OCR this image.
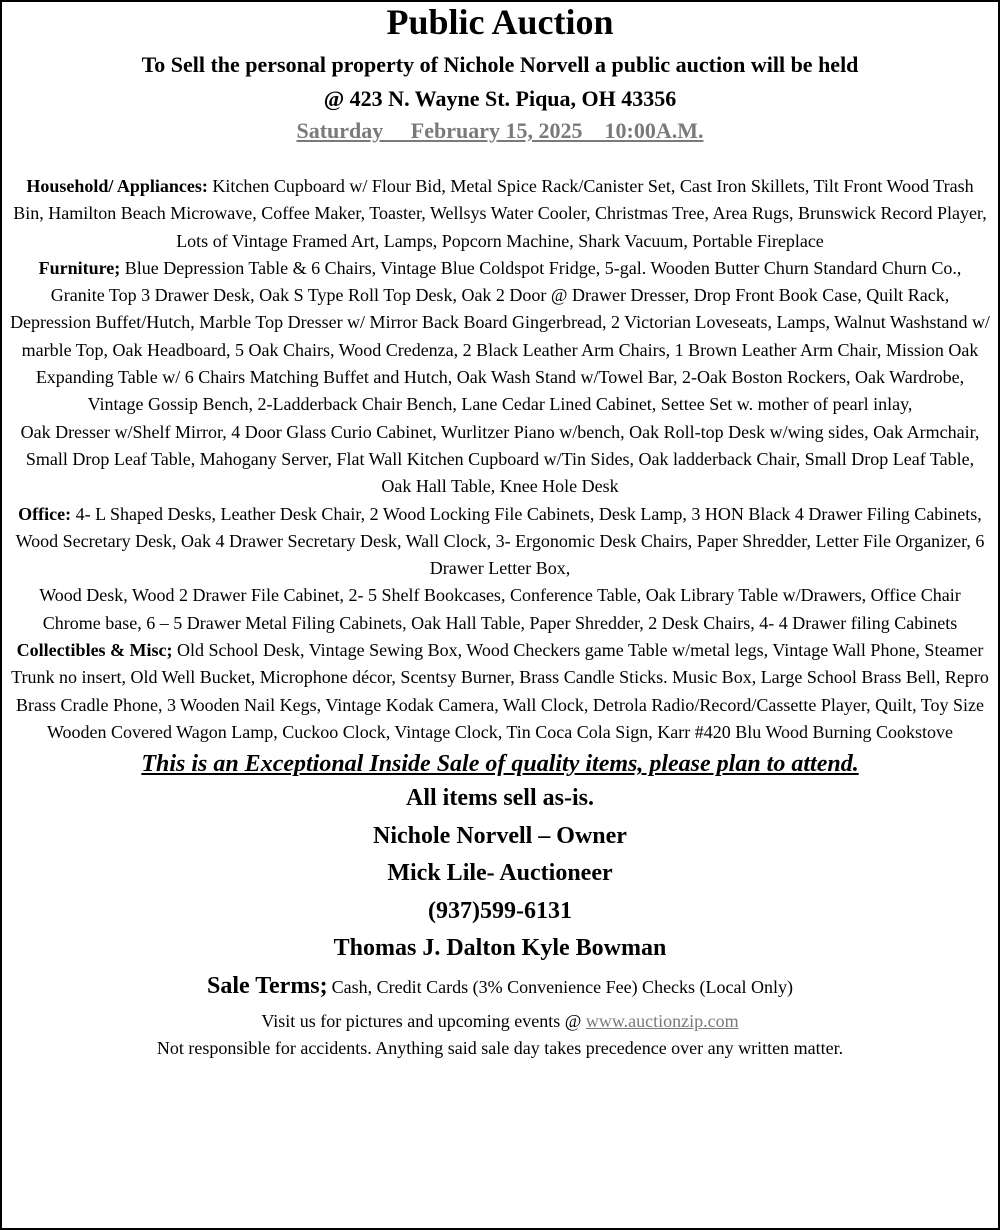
Public Auction
To Sell the personal property of Nichole Norvell a public auction will be held
@ 423 N. Wayne St. Piqua, OH 43356
Saturday     February 15, 2025    10:00A.M.

Household/ Appliances: Kitchen Cupboard w/ Flour Bid, Metal Spice Rack/Canister Set, Cast Iron Skillets, Tilt Front Wood Trash Bin, Hamilton Beach Microwave, Coffee Maker, Toaster, Wellsys Water Cooler, Christmas Tree, Area Rugs, Brunswick Record Player, Lots of Vintage Framed Art, Lamps, Popcorn Machine, Shark Vacuum, Portable Fireplace

Furniture; Blue Depression Table & 6 Chairs, Vintage Blue Coldspot Fridge, 5-gal. Wooden Butter Churn Standard Churn Co., Granite Top 3 Drawer Desk, Oak S Type Roll Top Desk, Oak 2 Door @ Drawer Dresser, Drop Front Book Case, Quilt Rack, Depression Buffet/Hutch, Marble Top Dresser w/ Mirror Back Board Gingerbread, 2 Victorian Loveseats, Lamps, Walnut Washstand w/ marble Top, Oak Headboard, 5 Oak Chairs, Wood Credenza, 2 Black Leather Arm Chairs, 1 Brown Leather Arm Chair, Mission Oak Expanding Table w/ 6 Chairs Matching Buffet and Hutch, Oak Wash Stand w/Towel Bar, 2-Oak Boston Rockers, Oak Wardrobe, Vintage Gossip Bench, 2-Ladderback Chair Bench, Lane Cedar Lined Cabinet, Settee Set w. mother of pearl inlay,

Oak Dresser w/Shelf Mirror, 4 Door Glass Curio Cabinet, Wurlitzer Piano w/bench, Oak Roll-top Desk w/wing sides, Oak Armchair, Small Drop Leaf Table, Mahogany Server, Flat Wall Kitchen Cupboard w/Tin Sides, Oak ladderback Chair, Small Drop Leaf Table, Oak Hall Table, Knee Hole Desk

Office: 4- L Shaped Desks, Leather Desk Chair, 2 Wood Locking File Cabinets, Desk Lamp, 3 HON Black 4 Drawer Filing Cabinets, Wood Secretary Desk, Oak 4 Drawer Secretary Desk, Wall Clock, 3- Ergonomic Desk Chairs, Paper Shredder, Letter File Organizer, 6 Drawer Letter Box,

Wood Desk, Wood 2 Drawer File Cabinet, 2- 5 Shelf Bookcases, Conference Table, Oak Library Table w/Drawers, Office Chair Chrome base, 6 – 5 Drawer Metal Filing Cabinets, Oak Hall Table, Paper Shredder, 2 Desk Chairs, 4- 4 Drawer filing Cabinets

Collectibles & Misc; Old School Desk, Vintage Sewing Box, Wood Checkers game Table w/metal legs, Vintage Wall Phone, Steamer Trunk no insert, Old Well Bucket, Microphone décor, Scentsy Burner, Brass Candle Sticks. Music Box, Large School Brass Bell, Repro Brass Cradle Phone, 3 Wooden Nail Kegs, Vintage Kodak Camera, Wall Clock, Detrola Radio/Record/Cassette Player, Quilt, Toy Size Wooden Covered Wagon Lamp, Cuckoo Clock, Vintage Clock, Tin Coca Cola Sign, Karr #420 Blu Wood Burning Cookstove

This is an Exceptional Inside Sale of quality items, please plan to attend.
All items sell as-is.
Nichole Norvell – Owner
Mick Lile- Auctioneer
(937)599-6131
Thomas J. Dalton Kyle Bowman
Sale Terms; Cash, Credit Cards (3% Convenience Fee) Checks (Local Only)
Visit us for pictures and upcoming events @ www.auctionzip.com
Not responsible for accidents. Anything said sale day takes precedence over any written matter.
